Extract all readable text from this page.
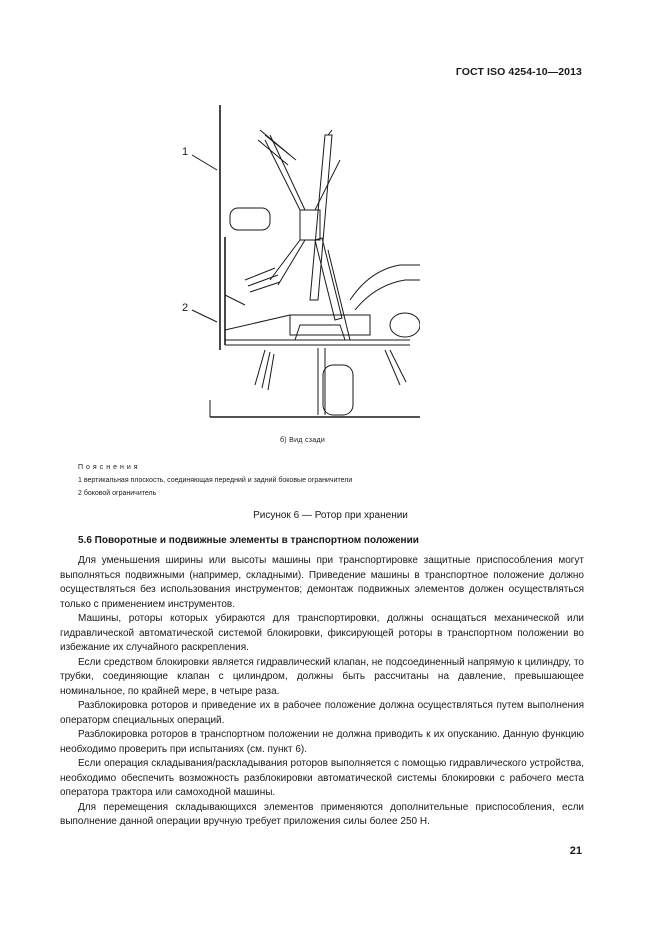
ГОСТ ISO 4254-10—2013
1
2
б) Вид сзади
Пояснения
1 вертикальная плоскость, соединяющая передний и задний боковые ограничители
2 боковой ограничитель
Рисунок 6 — Ротор при хранении
5.6 Поворотные и подвижные элементы в транспортном положении

Для уменьшения ширины или высоты машины при транспортировке защитные приспособления могут выполняться подвижными (например, складными). Приведение машины в транспортное положение должно осуществляться без использования инструментов; демонтаж подвижных элементов должен осуществляться только с применением инструментов.

Машины, роторы которых убираются для транспортировки, должны оснащаться механической или гидравлической автоматической системой блокировки, фиксирующей роторы в транспортном положении во избежание их случайного раскрепления.

Если средством блокировки является гидравлический клапан, не подсоединенный напрямую к цилиндру, то трубки, соединяющие клапан с цилиндром, должны быть рассчитаны на давление, превышающее номинальное, по крайней мере, в четыре раза.

Разблокировка роторов и приведение их в рабочее положение должна осуществляться путем выполнения операторм специальных операций.

Разблокировка роторов в транспортном положении не должна приводить к их опусканию. Данную функцию необходимо проверить при испытаниях (см. пункт 6).

Если операция складывания/раскладывания роторов выполняется с помощью гидравлического устройства, необходимо обеспечить возможность разблокировки автоматической системы блокировки с рабочего места оператора трактора или самоходной машины.

Для перемещения складывающихся элементов применяются дополнительные приспособления, если выполнение данной операции вручную требует приложения силы более 250 Н.

21
